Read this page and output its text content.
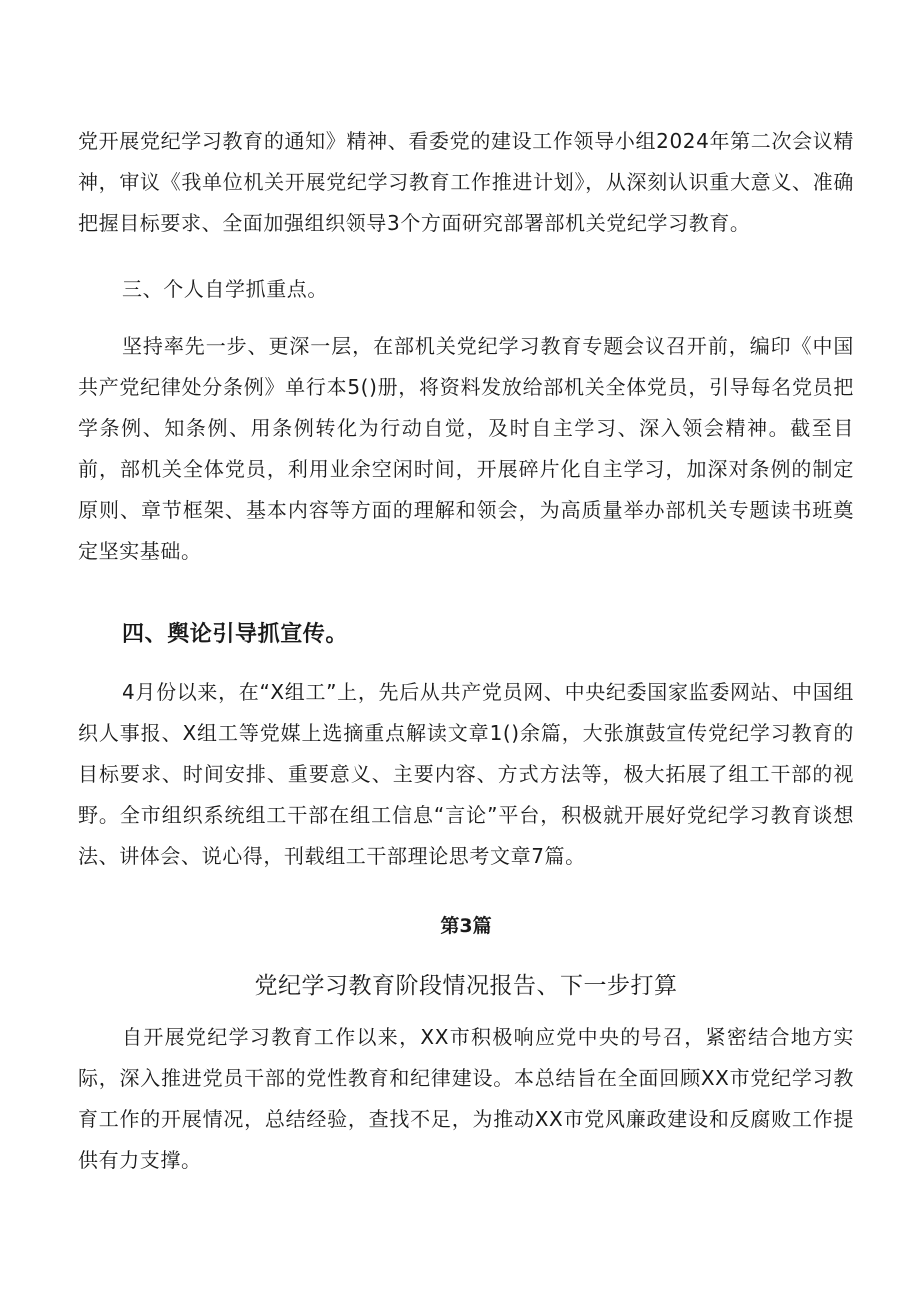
党开展党纪学习教育的通知》精神、看委党的建设工作领导小组2024年第二次会议精神，审议《我单位机关开展党纪学习教育工作推进计划》，从深刻认识重大意义、准确把握目标要求、全面加强组织领导3个方面研究部署部机关党纪学习教育。

三、个人自学抓重点。

坚持率先一步、更深一层，在部机关党纪学习教育专题会议召开前，编印《中国共产党纪律处分条例》单行本5()册，将资料发放给部机关全体党员，引导每名党员把学条例、知条例、用条例转化为行动自觉，及时自主学习、深入领会精神。截至目前，部机关全体党员，利用业余空闲时间，开展碎片化自主学习，加深对条例的制定原则、章节框架、基本内容等方面的理解和领会，为高质量举办部机关专题读书班奠定坚实基础。

四、舆论引导抓宣传。

4月份以来，在“X组工”上，先后从共产党员网、中央纪委国家监委网站、中国组织人事报、X组工等党媒上选摘重点解读文章1()余篇，大张旗鼓宣传党纪学习教育的目标要求、时间安排、重要意义、主要内容、方式方法等，极大拓展了组工干部的视野。全市组织系统组工干部在组工信息“言论”平台，积极就开展好党纪学习教育谈想法、讲体会、说心得，刊载组工干部理论思考文章7篇。

第3篇

党纪学习教育阶段情况报告、下一步打算

自开展党纪学习教育工作以来，XX市积极响应党中央的号召，紧密结合地方实际，深入推进党员干部的党性教育和纪律建设。本总结旨在全面回顾XX市党纪学习教育工作的开展情况，总结经验，查找不足，为推动XX市党风廉政建设和反腐败工作提供有力支撑。
